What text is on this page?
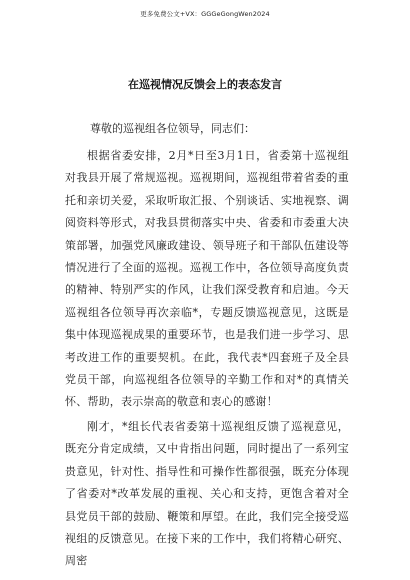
更多免费公文+VX：GGGeGongWen2024
在巡视情况反馈会上的表态发言
尊敬的巡视组各位领导，同志们：

根据省委安排，2月*日至3月1日，省委第十巡视组对我县开展了常规巡视。巡视期间，巡视组带着省委的重托和亲切关爱，采取听取汇报、个别谈话、实地视察、调阅资料等形式，对我县贯彻落实中央、省委和市委重大决策部署，加强党风廉政建设、领导班子和干部队伍建设等情况进行了全面的巡视。巡视工作中，各位领导高度负责的精神、特别严实的作风，让我们深受教育和启迪。今天巡视组各位领导再次亲临*，专题反馈巡视意见，这既是集中体现巡视成果的重要环节，也是我们进一步学习、思考改进工作的重要契机。在此，我代表*四套班子及全县党员干部，向巡视组各位领导的辛勤工作和对*的真情关怀、帮助，表示崇高的敬意和衷心的感谢！

刚才，*组长代表省委第十巡视组反馈了巡视意见，既充分肯定成绩，又中肯指出问题，同时提出了一系列宝贵意见，针对性、指导性和可操作性都很强，既充分体现了省委对*改革发展的重视、关心和支持，更饱含着对全县党员干部的鼓励、鞭策和厚望。在此，我们完全接受巡视组的反馈意见。在接下来的工作中，我们将精心研究、周密
